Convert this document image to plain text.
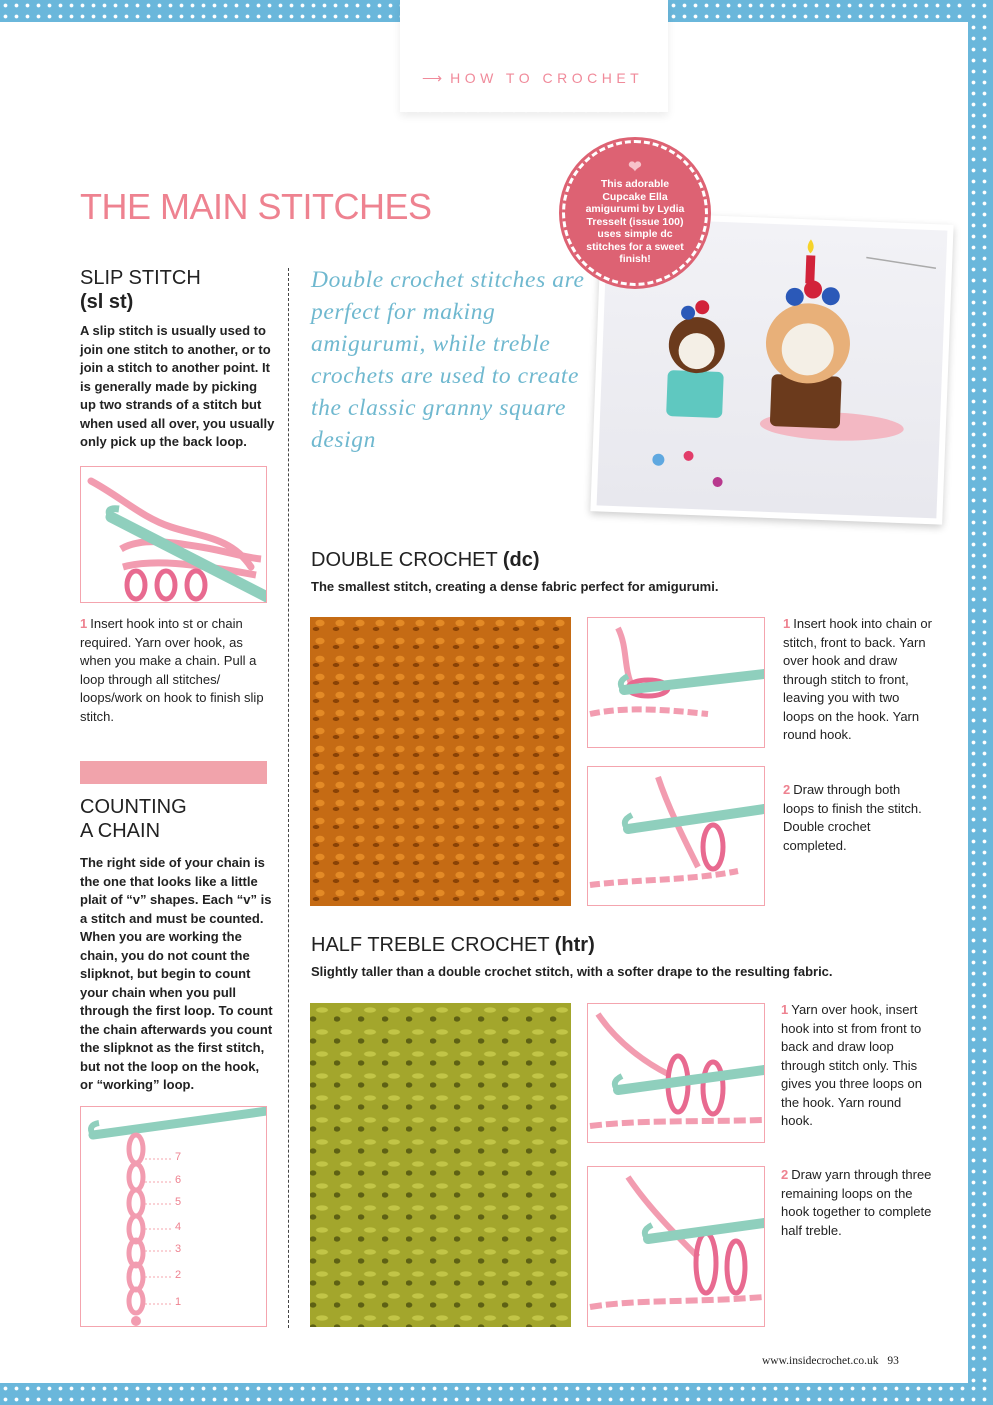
⟶ HOW TO CROCHET
THE MAIN STITCHES
SLIP STITCH
(sl st)
A slip stitch is usually used to join one stitch to another, or to join a stitch to another point. It is generally made by picking up two strands of a stitch but when used all over, you usually only pick up the back loop.
1 Insert hook into st or chain required. Yarn over hook, as when you make a chain. Pull a loop through all stitches/ loops/work on hook to finish slip stitch.
COUNTING
A CHAIN
The right side of your chain is the one that looks like a little plait of “v” shapes. Each “v” is a stitch and must be counted. When you are working the chain, you do not count the slipknot, but begin to count your chain when you pull through the first loop. To count the chain afterwards you count the slipknot as the first stitch, but not the loop on the hook, or “working” loop.
7
6
5
4
3
2
1
Double crochet stitches are perfect for making amigurumi, while treble crochets are used to create the classic granny square design
❤
This adorable Cupcake Ella amigurumi by Lydia Tresselt (issue 100) uses simple dc stitches for a sweet finish!
DOUBLE CROCHET (dc)
The smallest stitch, creating a dense fabric perfect for amigurumi.
1 Insert hook into chain or stitch, front to back. Yarn over hook and draw through stitch to front, leaving you with two loops on the hook. Yarn round hook.
2 Draw through both loops to finish the stitch. Double crochet completed.
HALF TREBLE CROCHET (htr)
Slightly taller than a double crochet stitch, with a softer drape to the resulting fabric.
1 Yarn over hook, insert hook into st from front to back and draw loop through stitch only. This gives you three loops on the hook. Yarn round hook.
2 Draw yarn through three remaining loops on the hook together to complete half treble.
www.insidecrochet.co.uk 93
